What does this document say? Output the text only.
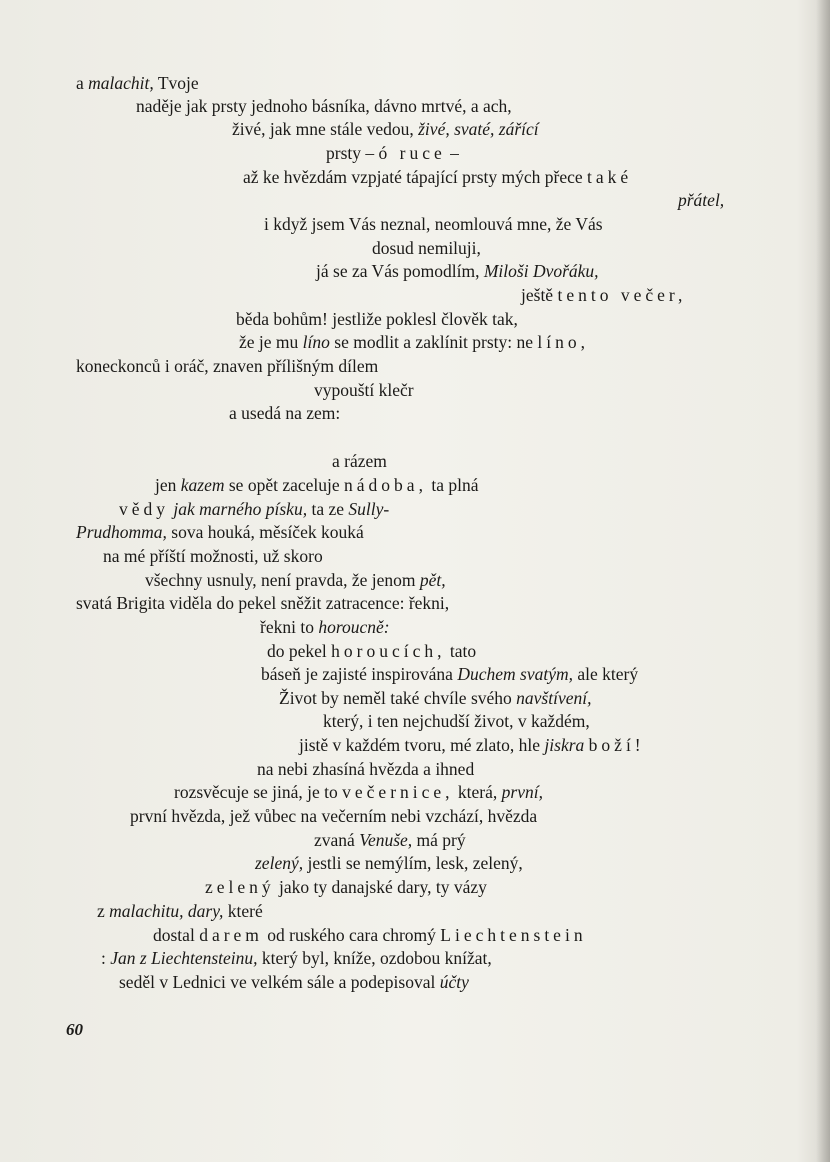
a malachit, Tvoje
naděje jak prsty jednoho básníka, dávno mrtvé, a ach,
živé, jak mne stále vedou, živé, svaté, zářící
prsty – ó ruce –
až ke hvězdám vzpjaté tápající prsty mých přece také
přátel,
i když jsem Vás neznal, neomlouvá mne, že Vás
dosud nemiluji,
já se za Vás pomodlím, Miloši Dvořáku,
ještě tento večer,
běda bohům! jestliže poklesl člověk tak,
že je mu líno se modlit a zaklínit prsty: ne líno,
koneckonců i oráč, znaven přílišným dílem
vypouští klečr
a usedá na zem:
a rázem
jen kazem se opět zaceluje nádoba, ta plná
vědy jak marného písku, ta ze Sully-
Prudhomma, sova houká, měsíček kouká
na mé příští možnosti, už skoro
všechny usnuly, není pravda, že jenom pět,
svatá Brigita viděla do pekel sněžit zatracence: řekni,
řekni to horoucně:
do pekel horoucích, tato
báseň je zajisté inspirována Duchem svatým, ale který
Život by neměl také chvíle svého navštívení,
který, i ten nejchudší život, v každém,
jistě v každém tvoru, mé zlato, hle jiskra boží!
na nebi zhasíná hvězda a ihned
rozsvěcuje se jiná, je to večernice, která, první,
první hvězda, jež vůbec na večerním nebi vzchází, hvězda
zvaná Venuše, má prý
zelený, jestli se nemýlím, lesk, zelený,
zelený jako ty danajské dary, ty vázy
z malachitu, dary, které
dostal darem od ruského cara chromý Liechtenstein
: Jan z Liechtensteinu, který byl, kníže, ozdobou knížat,
seděl v Lednici ve velkém sále a podepisoval účty
60
